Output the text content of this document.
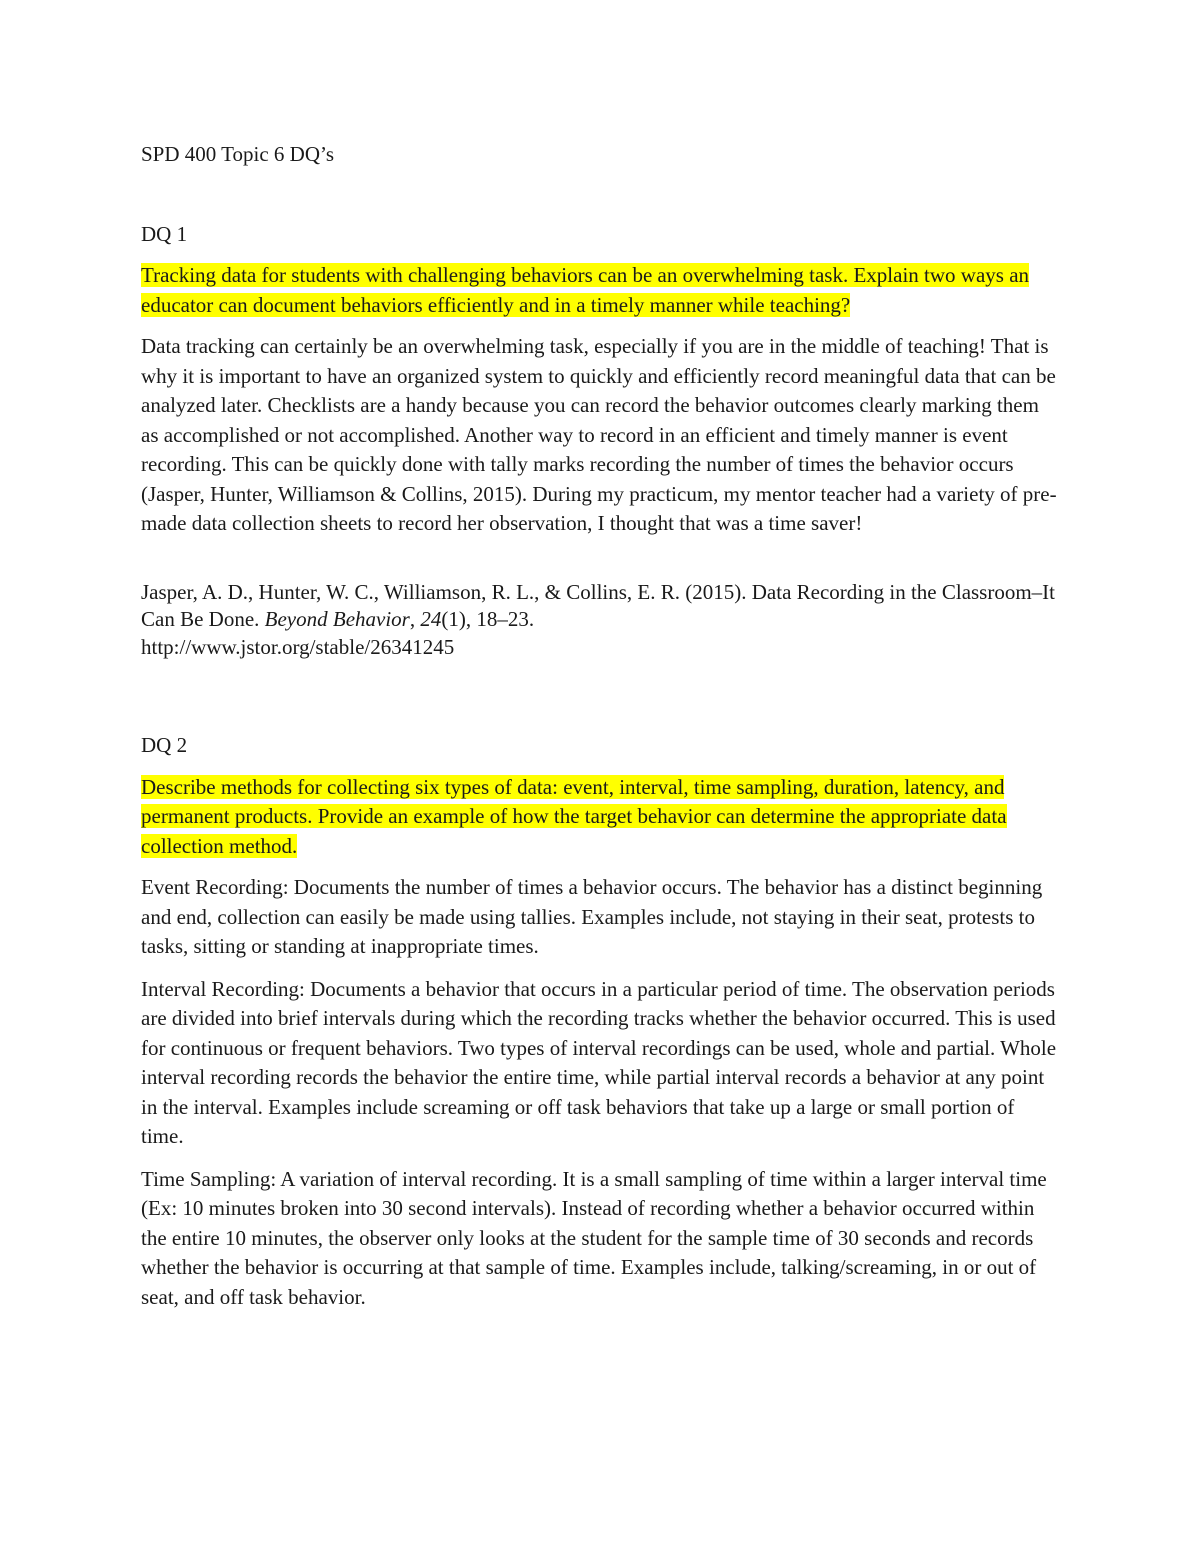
SPD 400 Topic 6 DQ’s

DQ 1

Tracking data for students with challenging behaviors can be an overwhelming task. Explain two ways an educator can document behaviors efficiently and in a timely manner while teaching?

Data tracking can certainly be an overwhelming task, especially if you are in the middle of teaching! That is why it is important to have an organized system to quickly and efficiently record meaningful data that can be analyzed later. Checklists are a handy because you can record the behavior outcomes clearly marking them as accomplished or not accomplished. Another way to record in an efficient and timely manner is event recording. This can be quickly done with tally marks recording the number of times the behavior occurs (Jasper, Hunter, Williamson & Collins, 2015). During my practicum, my mentor teacher had a variety of pre-made data collection sheets to record her observation, I thought that was a time saver!

Jasper, A. D., Hunter, W. C., Williamson, R. L., & Collins, E. R. (2015). Data Recording in the Classroom–It Can Be Done. Beyond Behavior, 24(1), 18–23.
http://www.jstor.org/stable/26341245

DQ 2

Describe methods for collecting six types of data: event, interval, time sampling, duration, latency, and permanent products. Provide an example of how the target behavior can determine the appropriate data collection method.

Event Recording: Documents the number of times a behavior occurs. The behavior has a distinct beginning and end, collection can easily be made using tallies. Examples include, not staying in their seat, protests to tasks, sitting or standing at inappropriate times.

Interval Recording: Documents a behavior that occurs in a particular period of time. The observation periods are divided into brief intervals during which the recording tracks whether the behavior occurred. This is used for continuous or frequent behaviors. Two types of interval recordings can be used, whole and partial. Whole interval recording records the behavior the entire time, while partial interval records a behavior at any point in the interval. Examples include screaming or off task behaviors that take up a large or small portion of time.

Time Sampling: A variation of interval recording. It is a small sampling of time within a larger interval time (Ex: 10 minutes broken into 30 second intervals). Instead of recording whether a behavior occurred within the entire 10 minutes, the observer only looks at the student for the sample time of 30 seconds and records whether the behavior is occurring at that sample of time. Examples include, talking/screaming, in or out of seat, and off task behavior.
